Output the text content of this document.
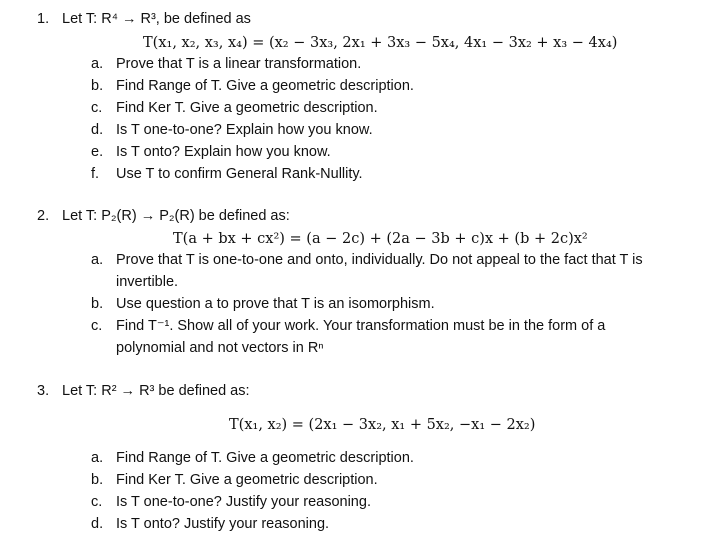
1. Let T: R⁴ → R³, be defined as
T(x₁, x₂, x₃, x₄) = (x₂ − 3x₃, 2x₁ + 3x₃ − 5x₄, 4x₁ − 3x₂ + x₃ − 4x₄)
a. Prove that T is a linear transformation.
b. Find Range of T. Give a geometric description.
c. Find Ker T. Give a geometric description.
d. Is T one-to-one? Explain how you know.
e. Is T onto? Explain how you know.
f. Use T to confirm General Rank-Nullity.
2. Let T: P₂(R) → P₂(R) be defined as:
T(a + bx + cx²) = (a − 2c) + (2a − 3b + c)x + (b + 2c)x²
a. Prove that T is one-to-one and onto, individually. Do not appeal to the fact that T is
invertible.
b. Use question a to prove that T is an isomorphism.
c. Find T⁻¹. Show all of your work. Your transformation must be in the form of a
polynomial and not vectors in Rⁿ
3. Let T: R² → R³ be defined as:
T(x₁, x₂) = (2x₁ − 3x₂, x₁ + 5x₂, −x₁ − 2x₂)
a. Find Range of T. Give a geometric description.
b. Find Ker T. Give a geometric description.
c. Is T one-to-one? Justify your reasoning.
d. Is T onto? Justify your reasoning.
